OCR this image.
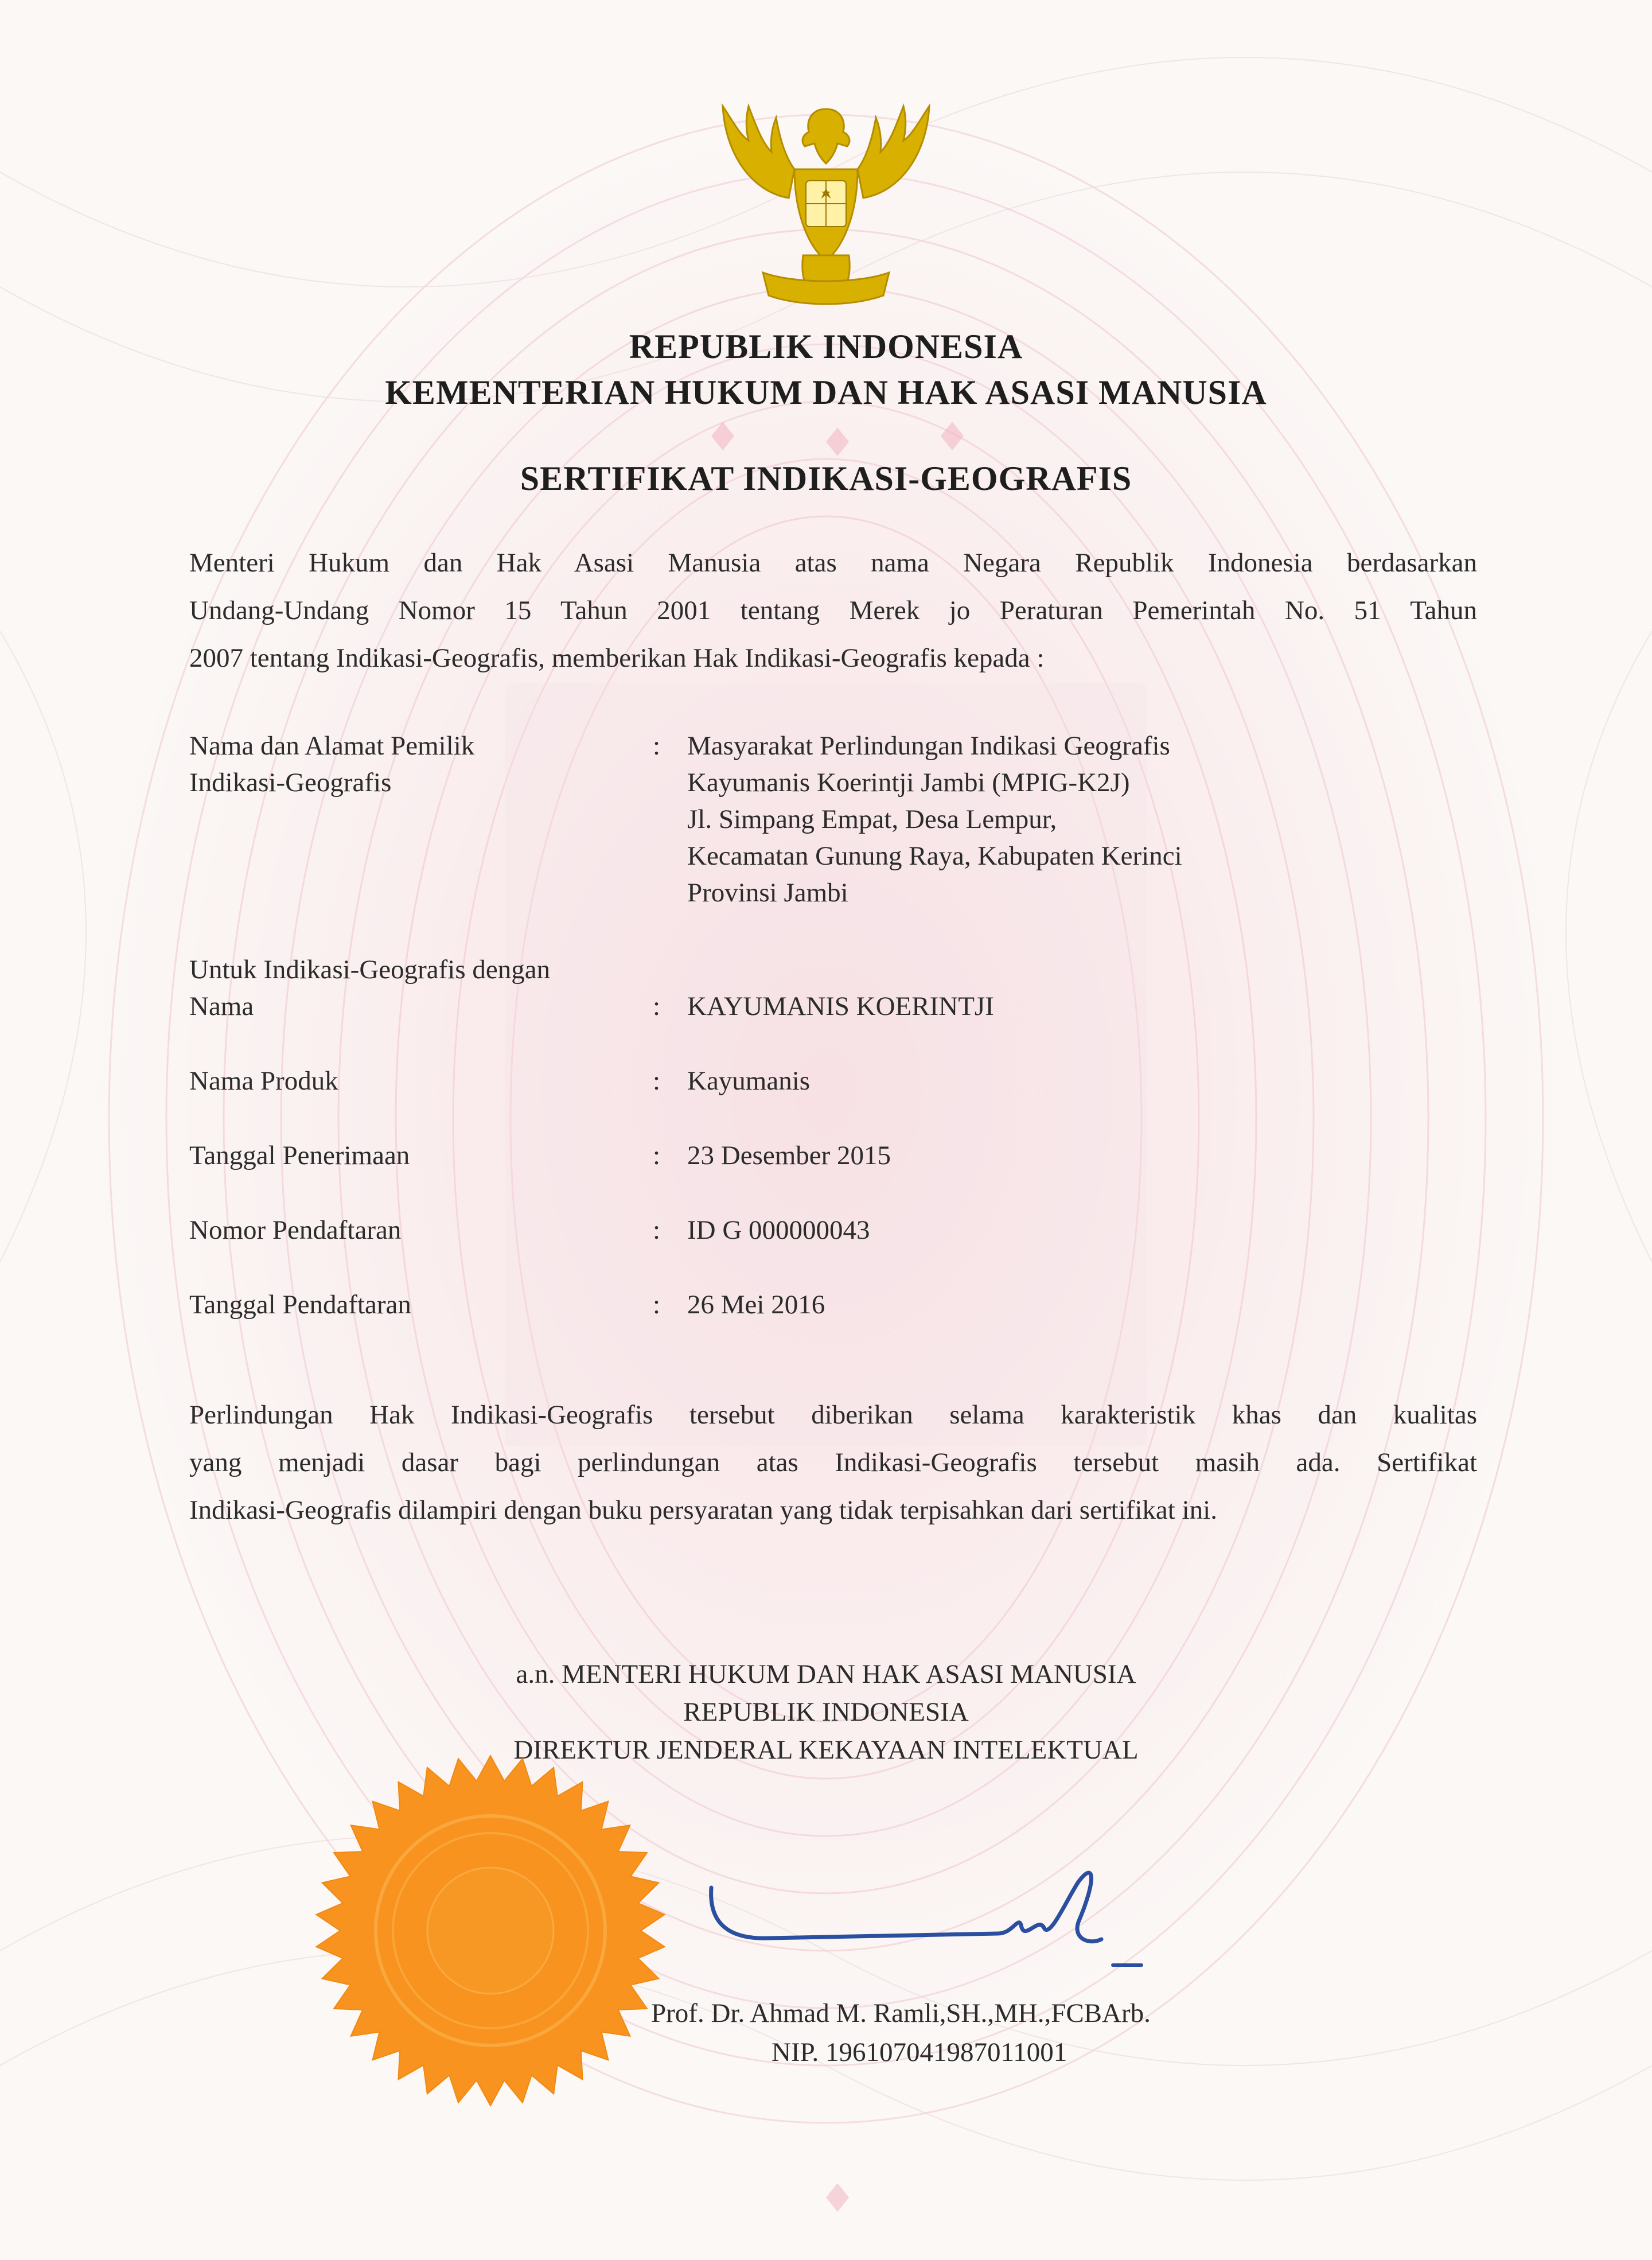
REPUBLIK INDONESIA
KEMENTERIAN HUKUM DAN HAK ASASI MANUSIA
SERTIFIKAT INDIKASI-GEOGRAFIS
Menteri Hukum dan Hak Asasi Manusia atas nama Negara Republik Indonesia berdasarkan
Undang-Undang Nomor 15 Tahun 2001 tentang Merek jo Peraturan Pemerintah No. 51 Tahun
2007 tentang Indikasi-Geografis, memberikan Hak Indikasi-Geografis kepada :
Nama dan Alamat Pemilik
Indikasi-Geografis
: Masyarakat Perlindungan Indikasi Geografis
Kayumanis Koerintji Jambi (MPIG-K2J)
Jl. Simpang Empat, Desa Lempur,
Kecamatan Gunung Raya, Kabupaten Kerinci
Provinsi Jambi
Untuk Indikasi-Geografis dengan
Nama	: KAYUMANIS KOERINTJI
Nama Produk	: Kayumanis
Tanggal Penerimaan	: 23 Desember 2015
Nomor Pendaftaran	: ID G 000000043
Tanggal Pendaftaran	: 26 Mei 2016
Perlindungan Hak Indikasi-Geografis tersebut diberikan selama karakteristik khas dan kualitas
yang menjadi dasar bagi perlindungan atas Indikasi-Geografis tersebut masih ada. Sertifikat
Indikasi-Geografis dilampiri dengan buku persyaratan yang tidak terpisahkan dari sertifikat ini.
a.n. MENTERI HUKUM DAN HAK ASASI MANUSIA
REPUBLIK INDONESIA
DIREKTUR JENDERAL KEKAYAAN INTELEKTUAL
Prof. Dr. Ahmad M. Ramli,SH.,MH.,FCBArb.
NIP. 196107041987011001
